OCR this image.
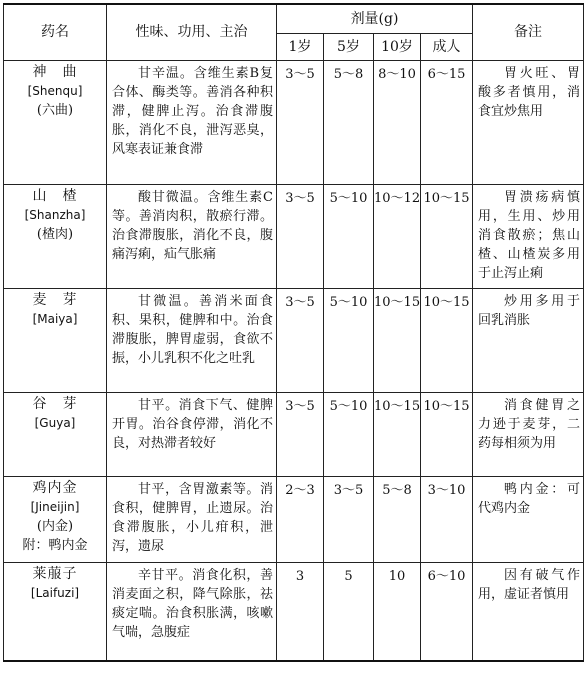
药名	性味、功用、主治	剂量(g)				备注
		1岁	5岁	10岁	成人	

神　曲
[Shenqu]
(六曲)	甘辛温。含维生素B复合体、酶类等。善消各种积滞，健脾止泻。治食滞腹胀，消化不良，泄泻恶臭，风寒表证兼食滞	3～5	5～8	8～10	6～15	胃火旺、胃酸多者慎用，消食宜炒焦用

山　楂
[Shanzha]
(楂肉)	酸甘微温。含维生素C等。善消肉积，散瘀行滞。治食滞腹胀，消化不良，腹痛泻痢，疝气胀痛	3～5	5～10	10～12	10～15	胃溃疡病慎用，生用、炒用消食散瘀；焦山楂、山楂炭多用于止泻止痢

麦　芽
[Maiya]	甘微温。善消米面食积、果积，健脾和中。治食滞腹胀，脾胃虚弱，食欲不振，小儿乳积不化之吐乳	3～5	5～10	10～15	10～15	炒用多用于回乳消胀

谷　芽
[Guya]	甘平。消食下气、健脾开胃。治谷食停滞，消化不良，对热滞者较好	3～5	5～10	10～15	10～15	消食健胃之力逊于麦芽，二药每相须为用

鸡内金
[Jineijin]
(内金)
附：鸭内金	甘平，含胃激素等。消食积，健脾胃，止遗尿。治食滞腹胀，小儿疳积，泄泻，遗尿	2～3	3～5	5～8	3～10	鸭内金：可代鸡内金

莱菔子
[Laifuzi]	辛甘平。消食化积，善消麦面之积，降气除胀，祛痰定喘。治食积胀满，咳嗽气喘，急腹症	3	5	10	6～10	因有破气作用，虚证者慎用
